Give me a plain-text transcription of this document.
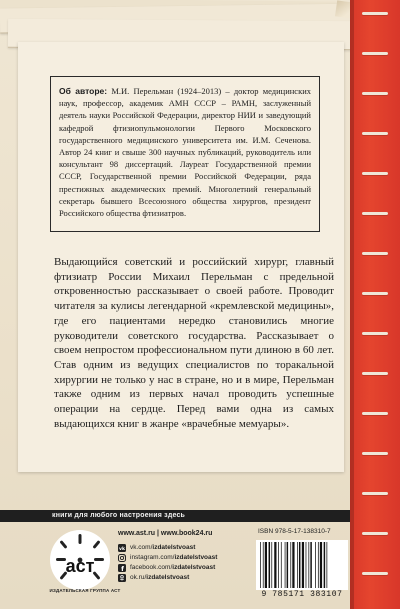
Об авторе: М.И. Перельман (1924–2013) – доктор медицинских наук, профессор, академик АМН СССР – РАМН, заслуженный деятель науки Российской Федерации, директор НИИ и заведующий кафедрой фтизиопульмонологии Первого Московского государственного медицинского университета им. И.М. Сеченова. Автор 24 книг и свыше 300 научных публикаций, руководитель или консультант 98 диссертаций. Лауреат Государственной премии СССР, Государственной премии Российской Федерации, ряда престижных академических премий. Многолетний генеральный секретарь бывшего Всесоюзного общества хирургов, президент Российского общества фтизиатров.

Выдающийся советский и российский хирург, главный фтизиатр России Михаил Перельман с предельной откровенностью рассказывает о своей работе. Проводит читателя за кулисы легендарной «кремлевской медицины», где его пациентами нередко становились многие руководители советского государства. Рассказывает о своем непростом профессиональном пути длиною в 60 лет. Став одним из ведущих специалистов по торакальной хирургии не только у нас в стране, но и в мире, Перельман также одним из первых начал проводить успешные операции на сердце. Перед вами одна из самых выдающихся книг в жанре «врачебные мемуары».

книги для любого настроения здесь
аст
ИЗДАТЕЛЬСКАЯ ГРУППА АСТ
www.ast.ru | www.book24.ru
vk vk.com/ izdatelstvoast
instagram.com/ izdatelstvoast
f facebook.com/ izdatelstvoast
ok.ru/ izdatelstvoast
ISBN 978-5-17-138310-7
9 785171 383107
